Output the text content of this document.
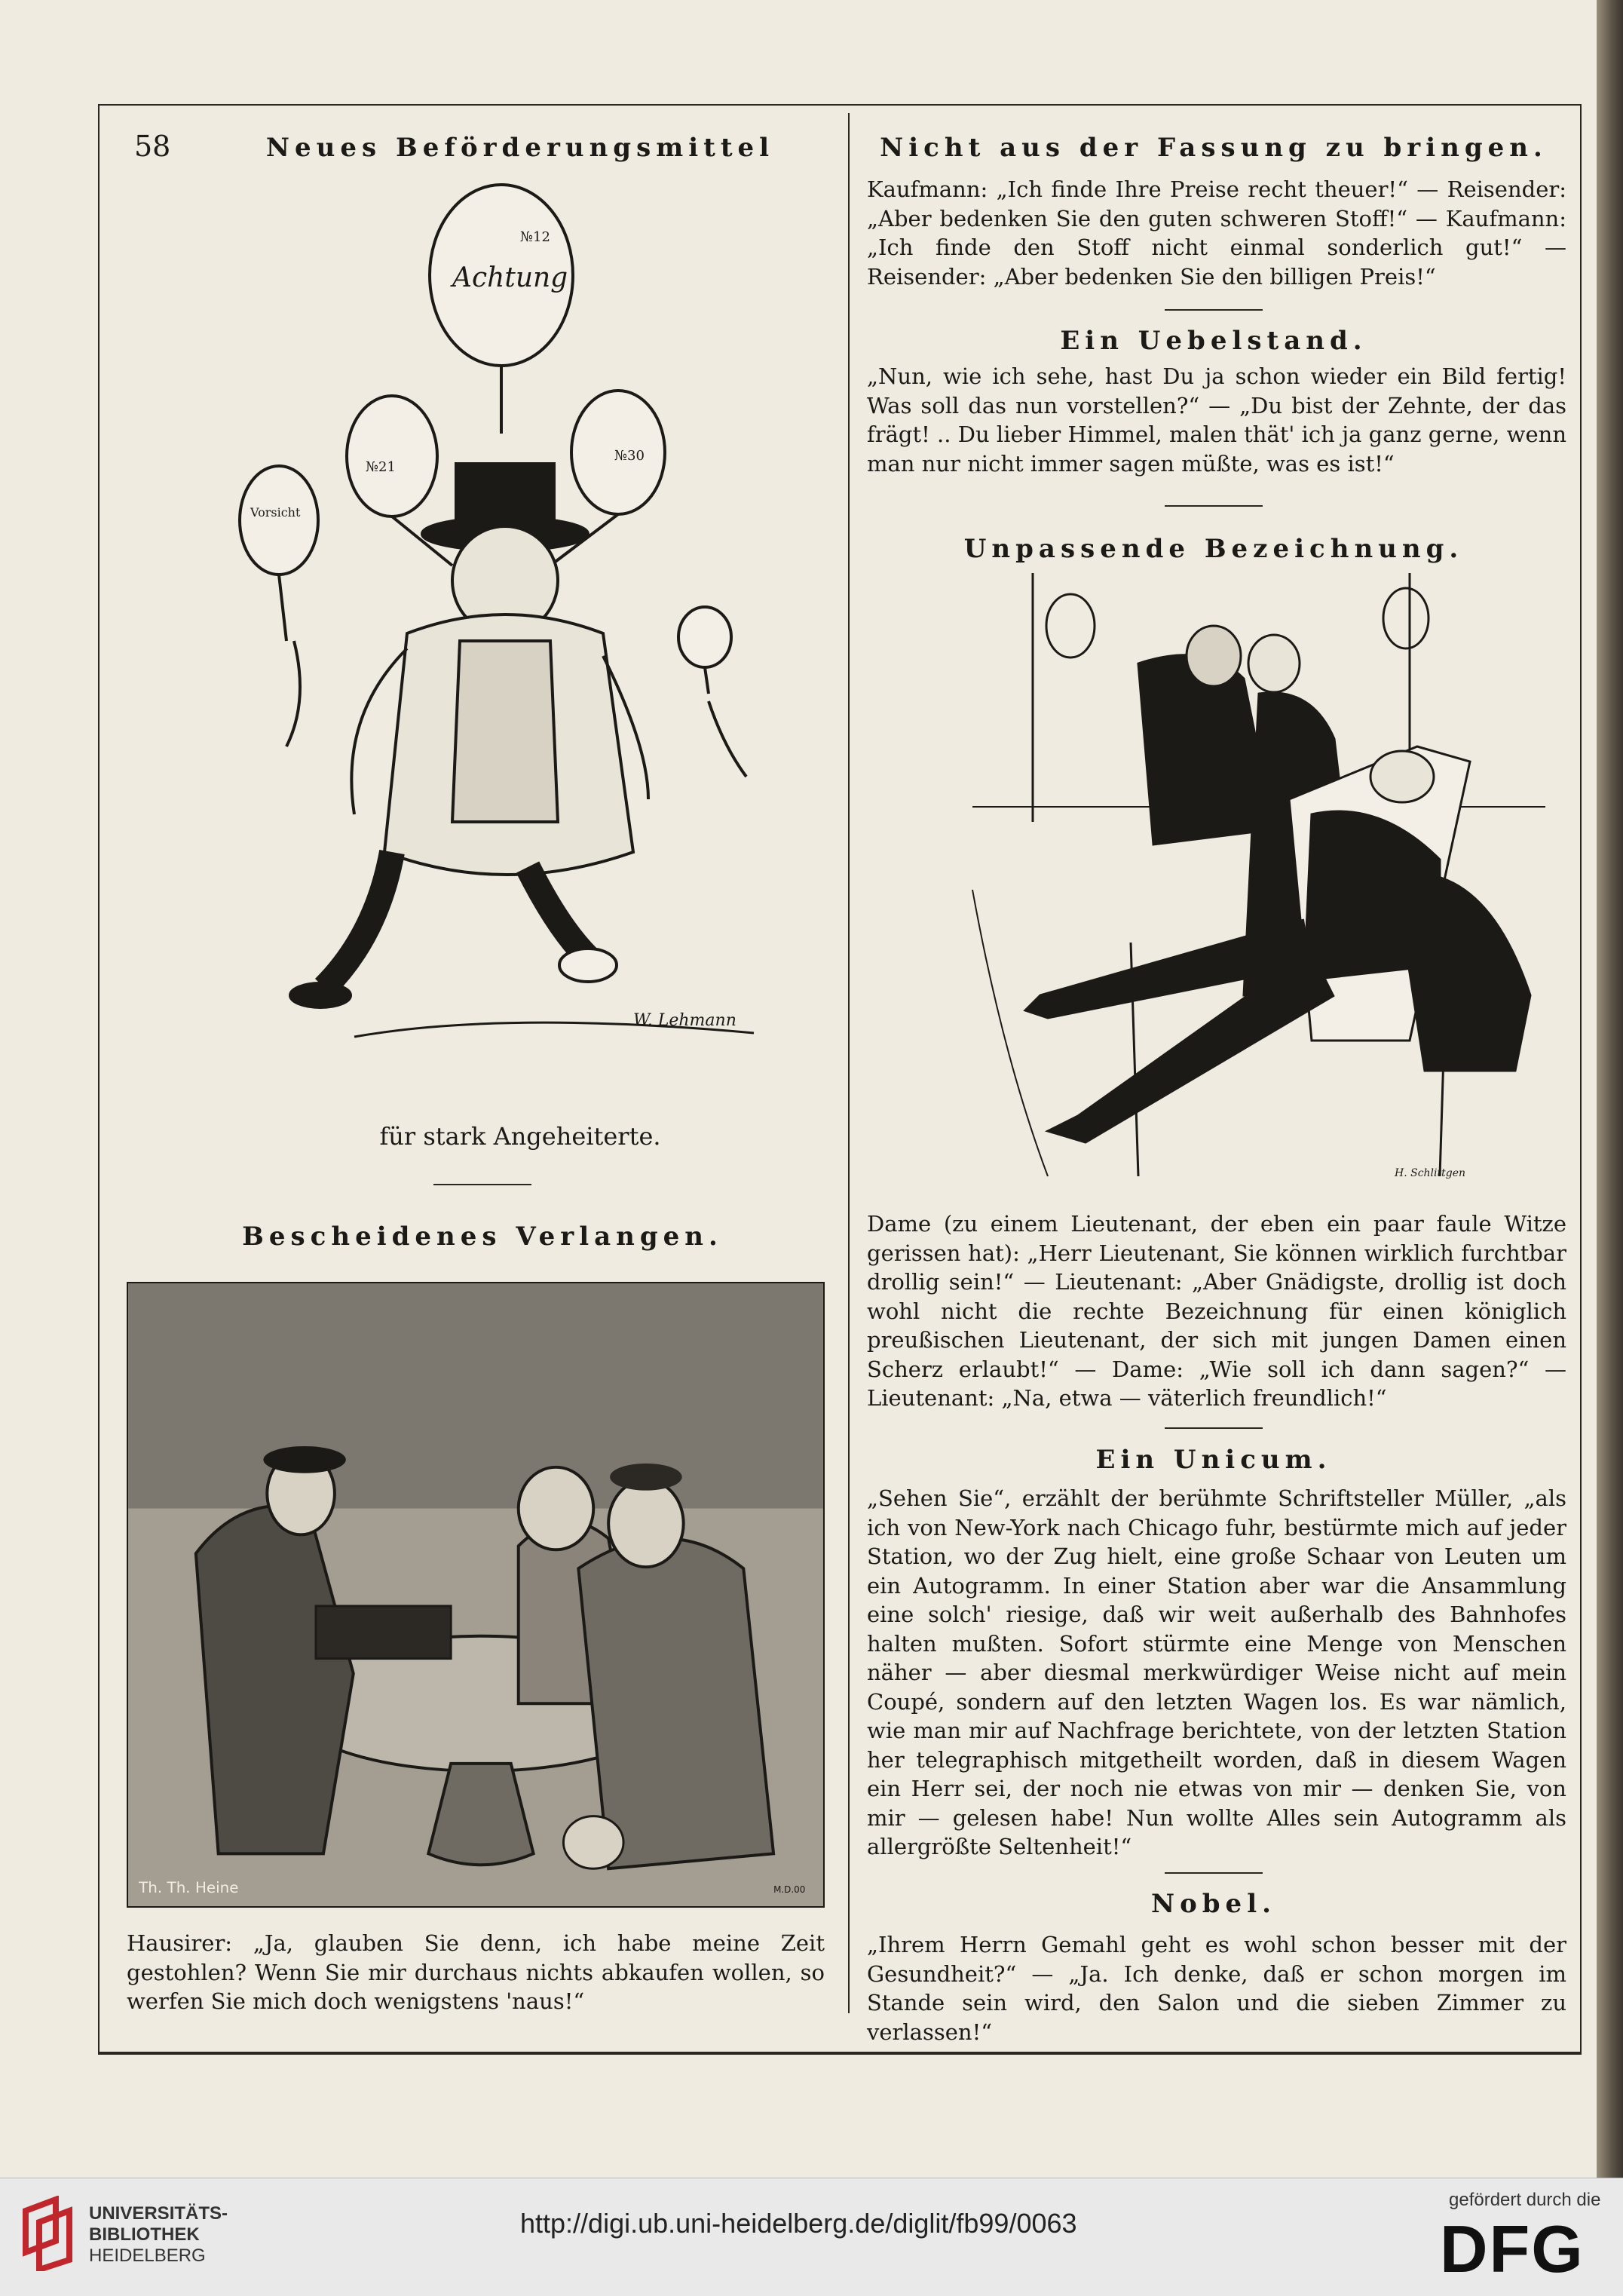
58	Neues Beförderungsmittel
Achtung
№12
№21
№30
Vorsicht
W. Lehmann
für stark Angeheiterte.
Bescheidenes Verlangen.
Th. Th. Heine	M.D.00
Hausirer: „Ja, glauben Sie denn, ich habe meine Zeit gestohlen? Wenn Sie mir durchaus nichts abkaufen wollen, so werfen Sie mich doch wenigstens 'naus!“
Nicht aus der Fassung zu bringen.
Kaufmann: „Ich finde Ihre Preise recht theuer!“ — Reisender: „Aber bedenken Sie den guten schweren Stoff!“ — Kaufmann: „Ich finde den Stoff nicht einmal sonderlich gut!“ — Reisender: „Aber bedenken Sie den billigen Preis!“
Ein Uebelstand.
„Nun, wie ich sehe, hast Du ja schon wieder ein Bild fertig! Was soll das nun vorstellen?“ — „Du bist der Zehnte, der das frägt! .. Du lieber Himmel, malen thät' ich ja ganz gerne, wenn man nur nicht immer sagen müßte, was es ist!“
Unpassende Bezeichnung.
H. Schlittgen
Dame (zu einem Lieutenant, der eben ein paar faule Witze gerissen hat): „Herr Lieutenant, Sie können wirklich furchtbar drollig sein!“ — Lieutenant: „Aber Gnädigste, drollig ist doch wohl nicht die rechte Bezeichnung für einen königlich preußischen Lieutenant, der sich mit jungen Damen einen Scherz erlaubt!“ — Dame: „Wie soll ich dann sagen?“ — Lieutenant: „Na, etwa — väterlich freundlich!“
Ein Unicum.
„Sehen Sie“, erzählt der berühmte Schriftsteller Müller, „als ich von New-York nach Chicago fuhr, bestürmte mich auf jeder Station, wo der Zug hielt, eine große Schaar von Leuten um ein Autogramm. In einer Station aber war die Ansammlung eine solch' riesige, daß wir weit außerhalb des Bahnhofes halten mußten. Sofort stürmte eine Menge von Menschen näher — aber diesmal merkwürdiger Weise nicht auf mein Coupé, sondern auf den letzten Wagen los. Es war nämlich, wie man mir auf Nachfrage berichtete, von der letzten Station her telegraphisch mitgetheilt worden, daß in diesem Wagen ein Herr sei, der noch nie etwas von mir — denken Sie, von mir — gelesen habe! Nun wollte Alles sein Autogramm als allergrößte Seltenheit!“
Nobel.
„Ihrem Herrn Gemahl geht es wohl schon besser mit der Gesundheit?“ — „Ja. Ich denke, daß er schon morgen im Stande sein wird, den Salon und die sieben Zimmer zu verlassen!“
UNIVERSITÄTS-
BIBLIOTHEK
HEIDELBERG
http://digi.ub.uni-heidelberg.de/diglit/fb99/0063
gefördert durch die
DFG
